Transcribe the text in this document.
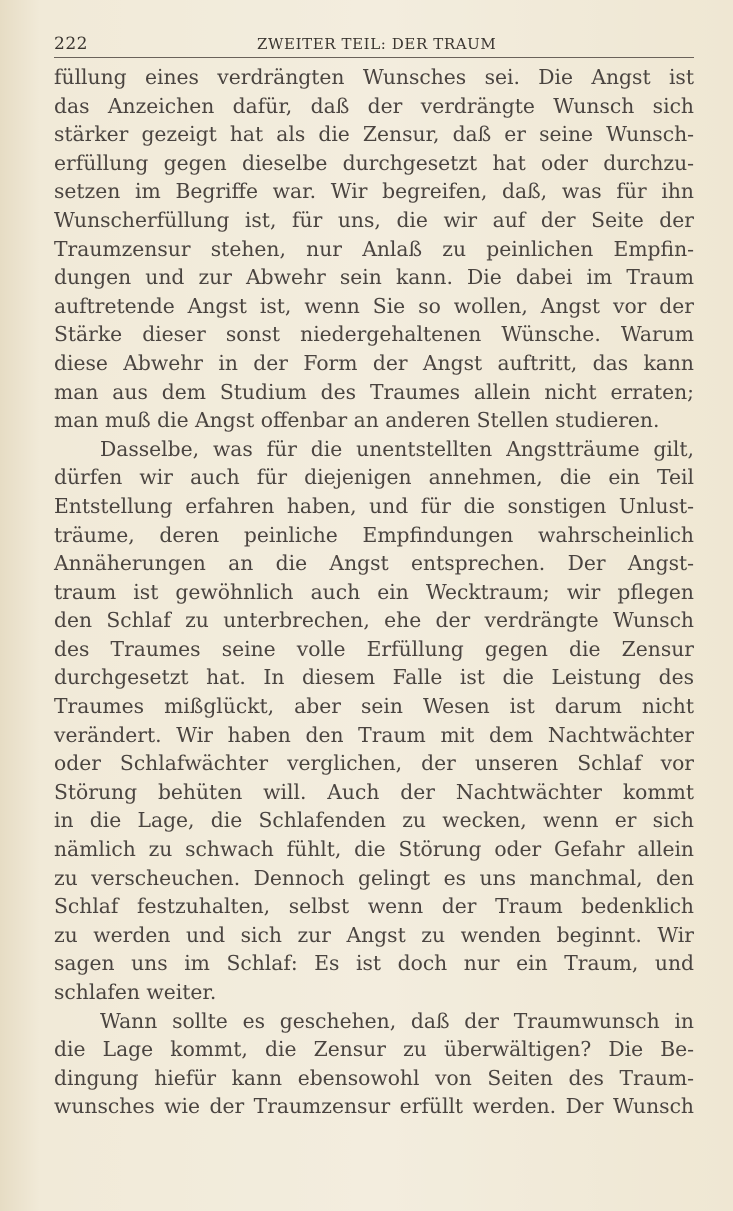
222	ZWEITER TEIL: DER TRAUM
füllung eines verdrängten Wunsches sei. Die Angst ist
das Anzeichen dafür, daß der verdrängte Wunsch sich
stärker gezeigt hat als die Zensur, daß er seine Wunsch-
erfüllung gegen dieselbe durchgesetzt hat oder durchzu-
setzen im Begriffe war. Wir begreifen, daß, was für ihn
Wunscherfüllung ist, für uns, die wir auf der Seite der
Traumzensur stehen, nur Anlaß zu peinlichen Empfin-
dungen und zur Abwehr sein kann. Die dabei im Traum
auftretende Angst ist, wenn Sie so wollen, Angst vor der
Stärke dieser sonst niedergehaltenen Wünsche. Warum
diese Abwehr in der Form der Angst auftritt, das kann
man aus dem Studium des Traumes allein nicht erraten;
man muß die Angst offenbar an anderen Stellen studieren.
Dasselbe, was für die unentstellten Angstträume gilt,
dürfen wir auch für diejenigen annehmen, die ein Teil
Entstellung erfahren haben, und für die sonstigen Unlust-
träume, deren peinliche Empfindungen wahrscheinlich
Annäherungen an die Angst entsprechen. Der Angst-
traum ist gewöhnlich auch ein Wecktraum; wir pflegen
den Schlaf zu unterbrechen, ehe der verdrängte Wunsch
des Traumes seine volle Erfüllung gegen die Zensur
durchgesetzt hat. In diesem Falle ist die Leistung des
Traumes mißglückt, aber sein Wesen ist darum nicht
verändert. Wir haben den Traum mit dem Nachtwächter
oder Schlafwächter verglichen, der unseren Schlaf vor
Störung behüten will. Auch der Nachtwächter kommt
in die Lage, die Schlafenden zu wecken, wenn er sich
nämlich zu schwach fühlt, die Störung oder Gefahr allein
zu verscheuchen. Dennoch gelingt es uns manchmal, den
Schlaf festzuhalten, selbst wenn der Traum bedenklich
zu werden und sich zur Angst zu wenden beginnt. Wir
sagen uns im Schlaf: Es ist doch nur ein Traum, und
schlafen weiter.
Wann sollte es geschehen, daß der Traumwunsch in
die Lage kommt, die Zensur zu überwältigen? Die Be-
dingung hiefür kann ebensowohl von Seiten des Traum-
wunsches wie der Traumzensur erfüllt werden. Der Wunsch
